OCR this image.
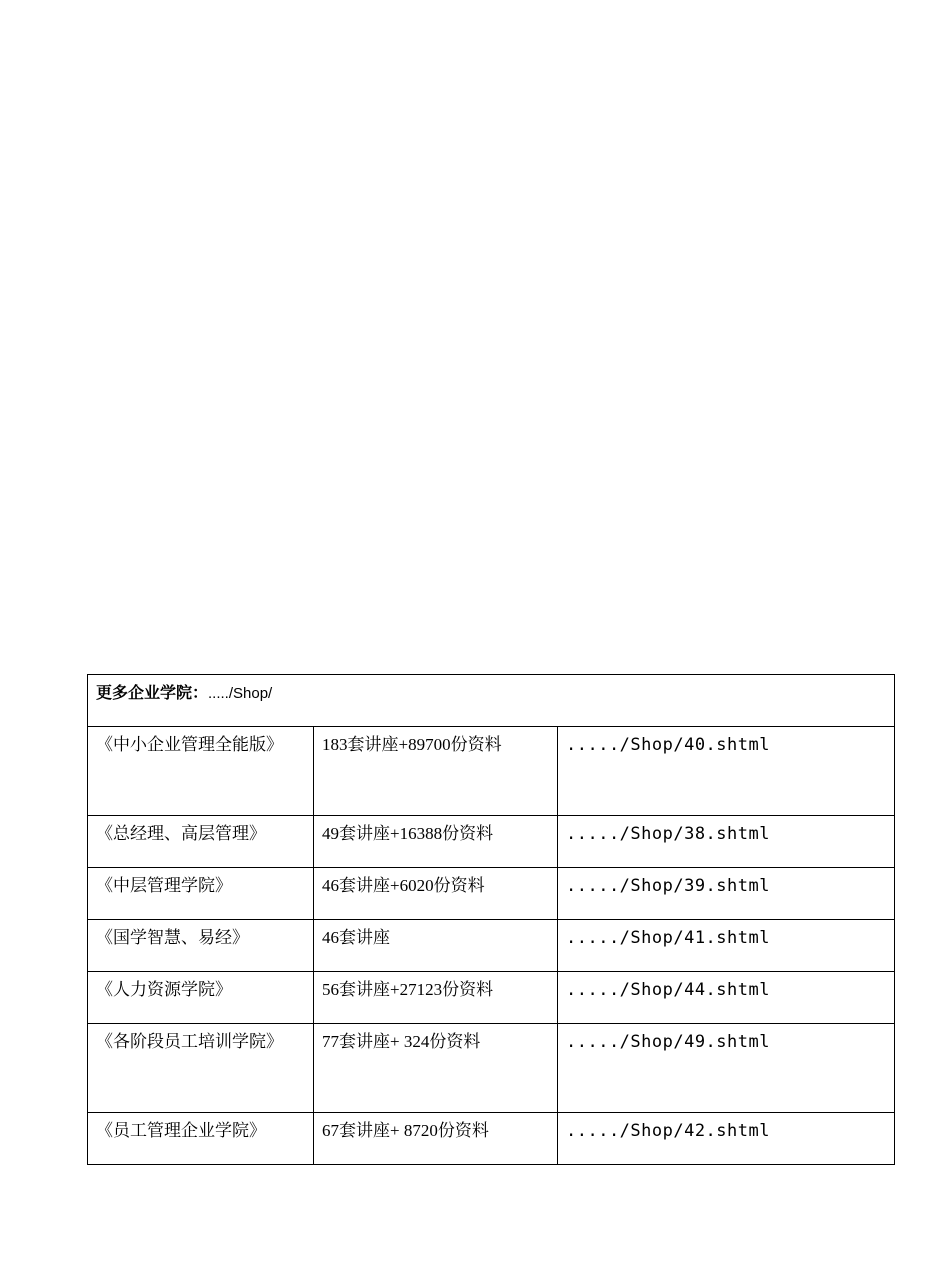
更多企业学院：...../Shop/		
《中小企业管理全能版》	183套讲座+89700份资料	...../Shop/40.shtml
《总经理、高层管理》	49套讲座+16388份资料	...../Shop/38.shtml
《中层管理学院》	46套讲座+6020份资料	...../Shop/39.shtml
《国学智慧、易经》	46套讲座	...../Shop/41.shtml
《人力资源学院》	56套讲座+27123份资料	...../Shop/44.shtml
《各阶段员工培训学院》	77套讲座+ 324份资料	...../Shop/49.shtml
《员工管理企业学院》	67套讲座+ 8720份资料	...../Shop/42.shtml
